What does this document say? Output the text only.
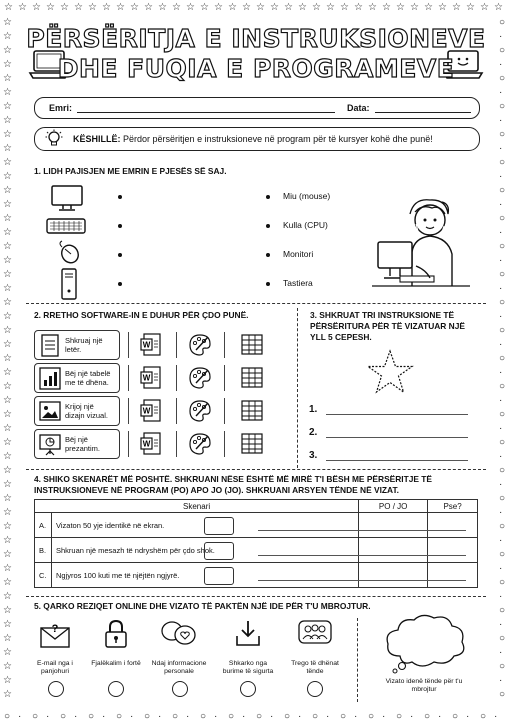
☆
○
☆
·
☆
○
☆
·
☆
○
☆
·
☆
○
☆
·
☆
○
☆
·
☆
○
☆
·
☆
○
☆
·
☆
○
☆
·
☆
○
☆
·
☆
○
☆
·
☆
○
☆
·
☆
○
☆
·
☆
○
☆
·
☆
○
☆
·
☆
○
☆
·
☆
○
☆
·
☆
○
☆
·
☆
○
☆
·
☆	○
☆	·
☆	○
☆	·
☆	○
☆	·
☆	○
☆	·
☆	○
☆	·
☆	○
☆	·
☆	○
☆	·
☆	○
☆	·
☆	○
☆	·
☆	○
☆	·
☆	○
☆	·
☆	○
☆	·
☆	○
☆	·
☆	○
☆	·
☆	○
☆	·
☆	○
☆	·
☆	○
☆	·
☆	○
☆	·
☆	○
☆	·
☆	○
☆	·
☆	○
☆	·
☆	○
☆	·
☆	○
☆	·
☆	○
☆	·
☆	○
PËRSËRITJA E INSTRUKSIONEVE
DHE FUQIA E PROGRAMEVE
Emri:	Data:
KËSHILLË: Përdor përsëritjen e instruksioneve në program për të kursyer kohë dhe punë!
1. LIDH PAJISJEN ME EMRIN E PJESËS SË SAJ.
Miu (mouse)
Kulla (CPU)
Monitori
Tastiera
2. RRETHO SOFTWARE-IN E DUHUR PËR ÇDO PUNË.
Shkruaj një letër.	W
Bëj një tabelë me të dhëna.	W
Krijoj një dizajn vizual.	W
Bëj një prezantim.	W
3. SHKRUAT TRI INSTRUKSIONE TË PËRSËRITURA PËR TË VIZATUAR NJË YLL 5 CEPESH.
1.
2.
3.
4. SHIKO SKENARËT MË POSHTË. SHKRUANI NËSE ËSHTË MË MIRË T'I BËSH ME PËRSËRITJE TË INSTRUKSIONEVE NË PROGRAM (PO) APO JO (JO). SHKRUANI ARSYEN TËNDE NË VIZAT.
Skenari		PO / JO	Pse?
A.	Vizaton 50 yje identikë në ekran.		
B.	Shkruan një mesazh të ndryshëm për çdo shok.		
C.	Ngjyros 100 kuti me të njëjtën ngjyrë.		
5. QARKO REZIQET ONLINE DHE VIZATO TË PAKTËN NJË IDE PËR T'U MBROJTUR.
?
E-mail nga i panjohuri
Fjalëkalim i fortë	Ndaj informacione personale
Shkarko nga burime të sigurta
Trego të dhënat tënde
Vizato idenë tënde për t'u mbrojtur
